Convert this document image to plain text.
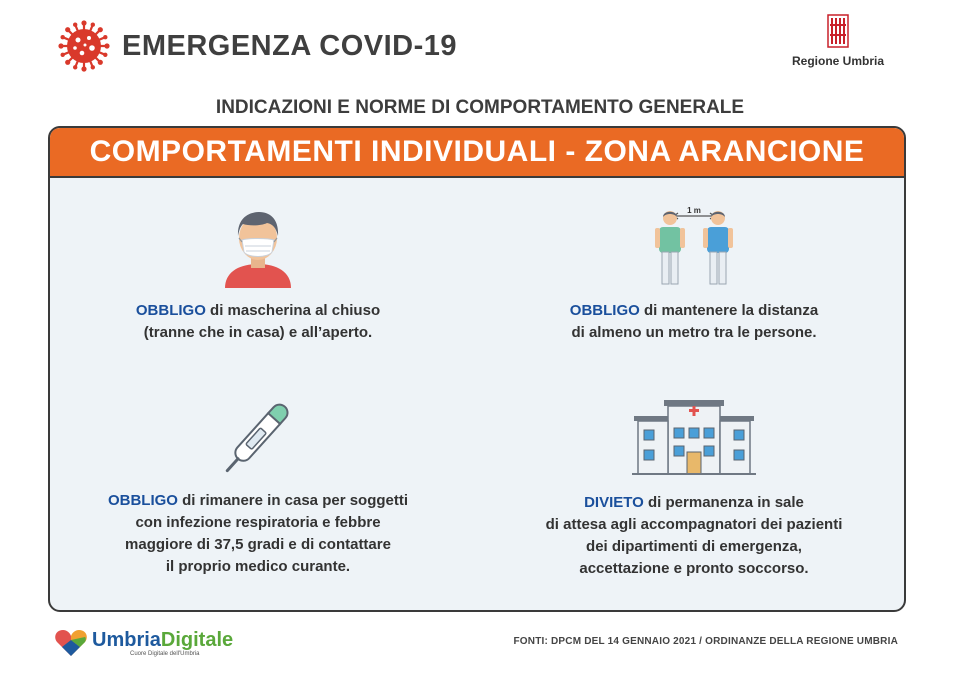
EMERGENZA COVID-19	Regione Umbria
INDICAZIONI E NORME DI COMPORTAMENTO GENERALE
COMPORTAMENTI INDIVIDUALI - ZONA ARANCIONE
OBBLIGO di mascherina al chiuso
(tranne che in casa) e all’aperto.
1 m
OBBLIGO di mantenere la distanza
di almeno un metro tra le persone.
OBBLIGO di rimanere in casa per soggetti
con infezione respiratoria e febbre
maggiore di 37,5 gradi e di contattare
il proprio medico curante.
DIVIETO di permanenza in sale
di attesa agli accompagnatori dei pazienti
dei dipartimenti di emergenza,
accettazione e pronto soccorso.
UmbriaDigitale
Cuore Digitale dell'Umbria
FONTI: DPCM DEL 14 GENNAIO 2021 / ORDINANZE DELLA REGIONE UMBRIA
